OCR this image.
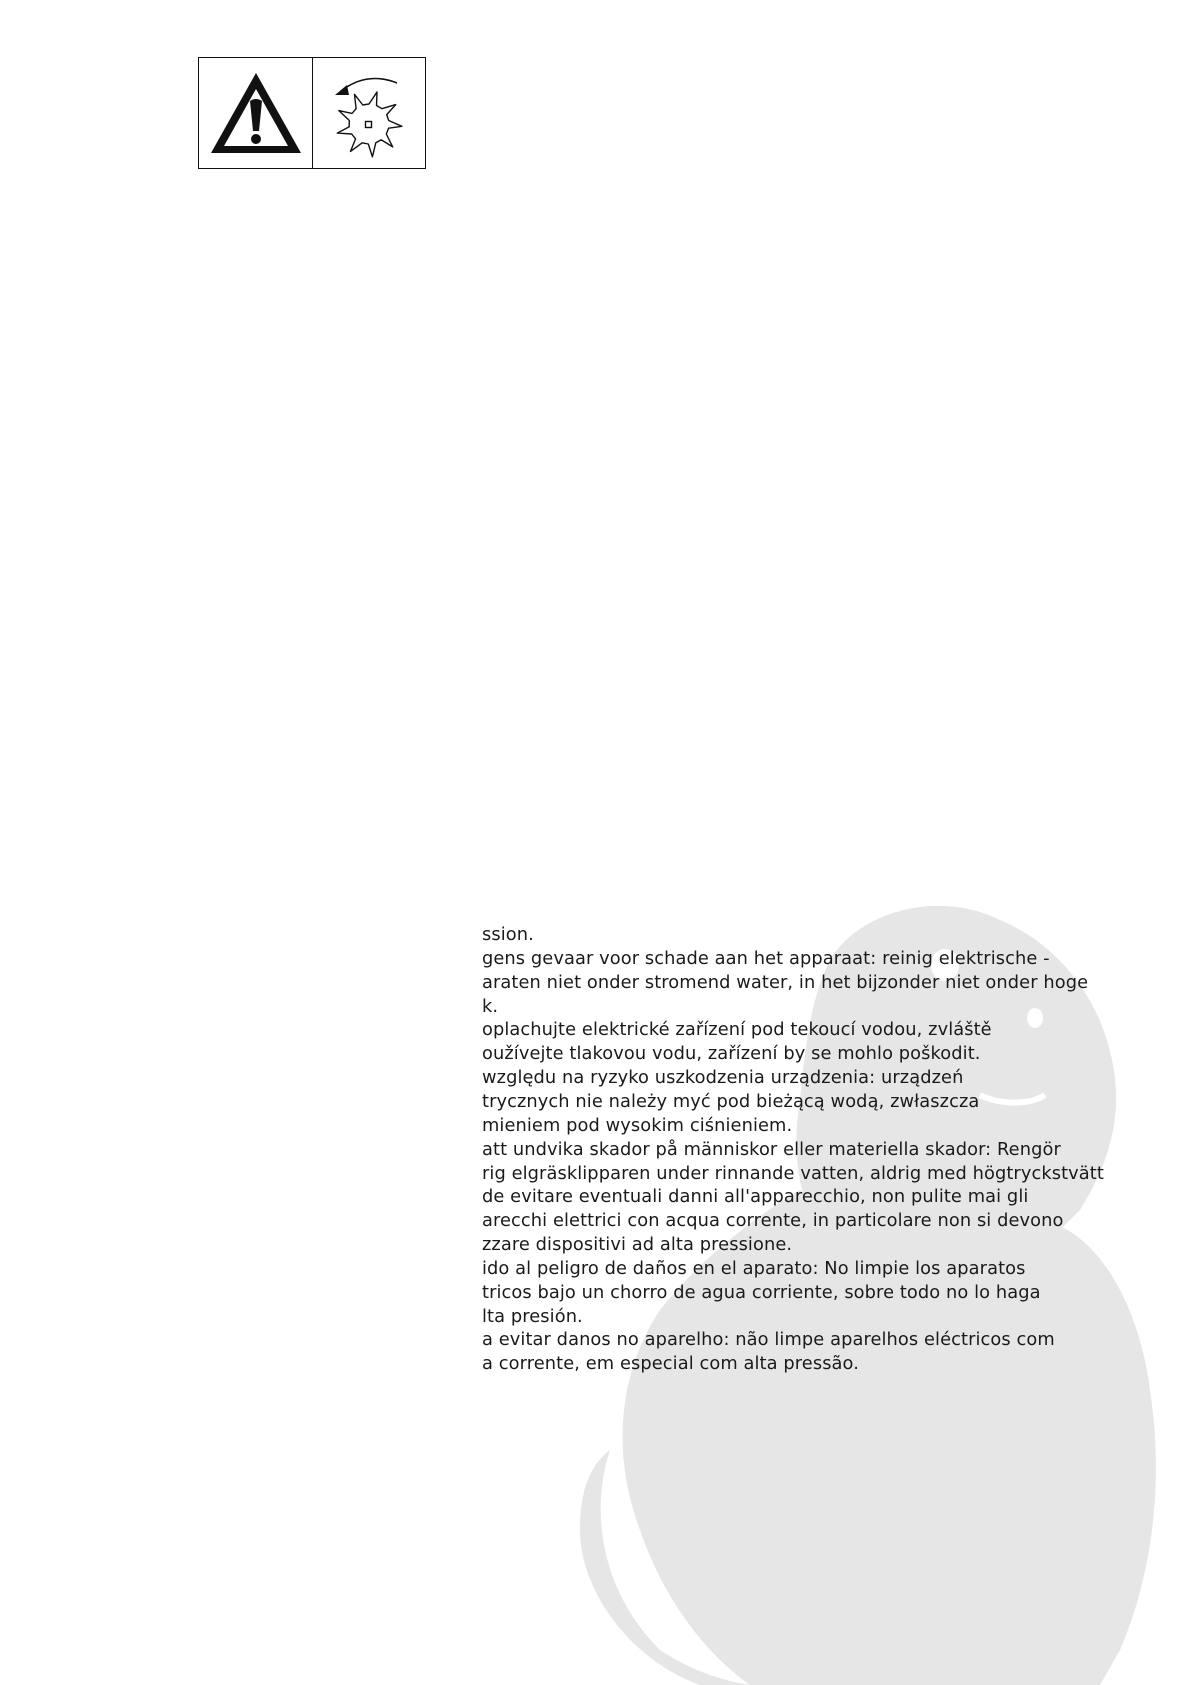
ssion.
gens gevaar voor schade aan het apparaat: reinig elektrische -
araten niet onder stromend water, in het bijzonder niet onder hoge
k.
oplachujte elektrické zařízení pod tekoucí vodou, zvláště
oužívejte tlakovou vodu, zařízení by se mohlo poškodit.
względu na ryzyko uszkodzenia urządzenia: urządzeń
trycznych nie należy myć pod bieżącą wodą, zwłaszcza
mieniem pod wysokim ciśnieniem.
att undvika skador på människor eller materiella skador: Rengör
rig elgräsklipparen under rinnande vatten, aldrig med högtryckstvätt
de evitare eventuali danni all'apparecchio, non pulite mai gli
arecchi elettrici con acqua corrente, in particolare non si devono
zzare dispositivi ad alta pressione.
ido al peligro de daños en el aparato: No limpie los aparatos
tricos bajo un chorro de agua corriente, sobre todo no lo haga
lta presión.
a evitar danos no aparelho: não limpe aparelhos eléctricos com
a corrente, em especial com alta pressão.
